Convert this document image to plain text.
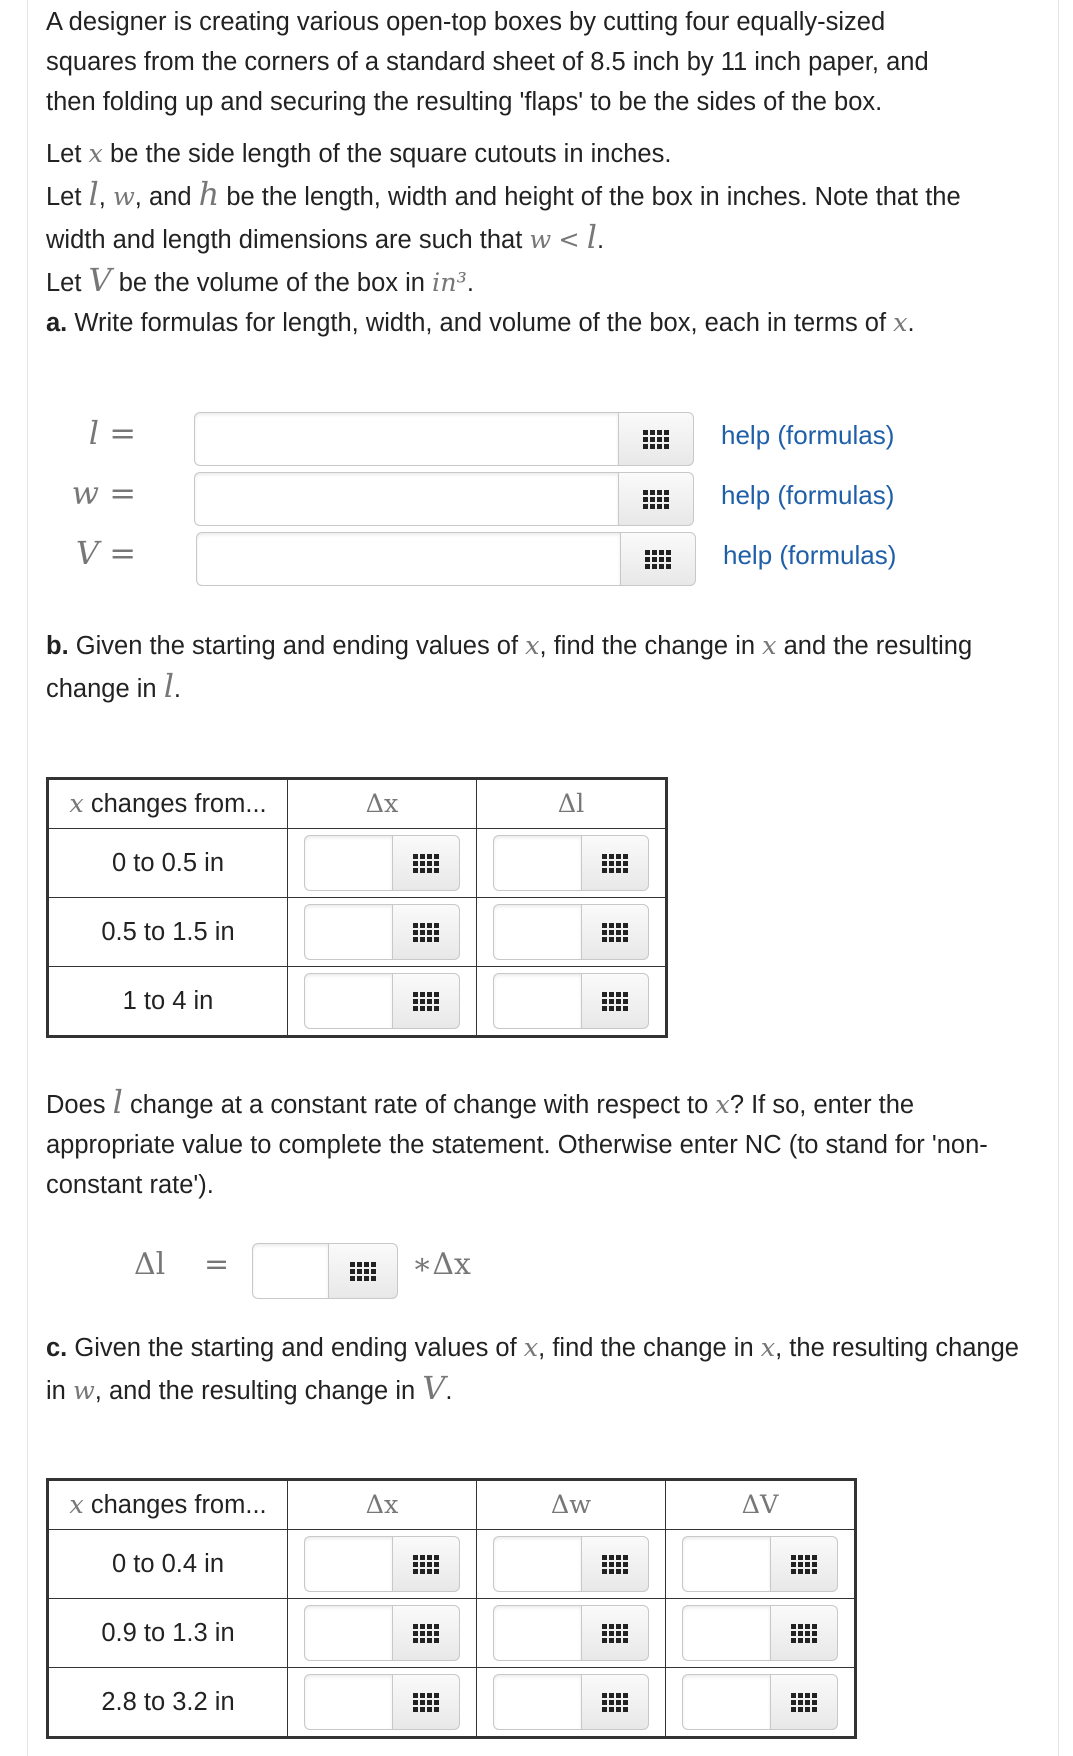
A designer is creating various open-top boxes by cutting four equally-sized squares from the corners of a standard sheet of 8.5 inch by 11 inch paper, and then folding up and securing the resulting 'flaps' to be the sides of the box.

Let x be the side length of the square cutouts in inches.
Let l, w, and h be the length, width and height of the box in inches. Note that the width and length dimensions are such that w < l.
Let V be the volume of the box in in³.

a. Write formulas for length, width, and volume of the box, each in terms of x.

l =	help (formulas)
w =	help (formulas)
V =	help (formulas)

b. Given the starting and ending values of x, find the change in x and the resulting change in l.

x changes from...	Δx	Δl
0 to 0.5 in	

0.5 to 1.5 in	

1 to 4 in	

Does l change at a constant rate of change with respect to x? If so, enter the appropriate value to complete the statement. Otherwise enter NC (to stand for 'non-constant rate').

Δl =	∗Δx

c. Given the starting and ending values of x, find the change in x, the resulting change in w, and the resulting change in V.

x changes from...	Δx	Δw	ΔV
0 to 0.4 in	

0.9 to 1.3 in	

2.8 to 3.2 in	
